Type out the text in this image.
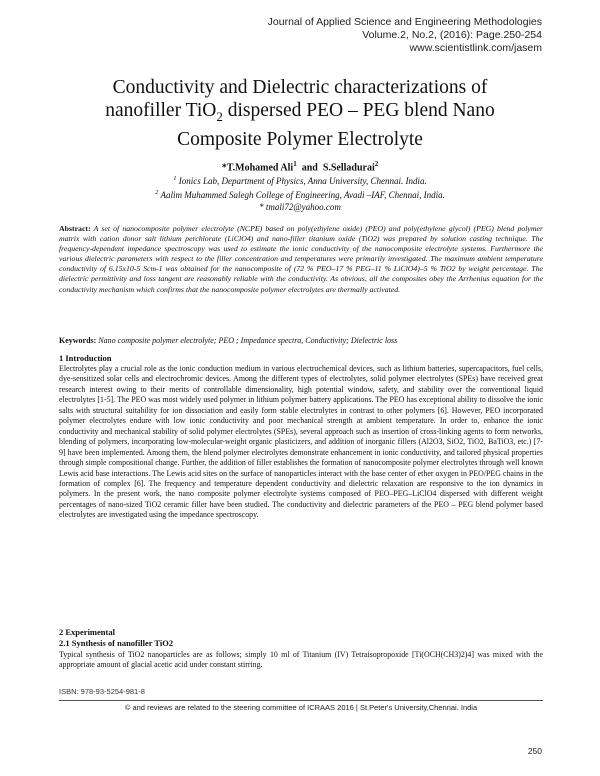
Journal of Applied Science and Engineering Methodologies
Volume.2, No.2, (2016): Page.250-254
www.scientistlink.com/jasem
Conductivity and Dielectric characterizations of
nanofiller TiO$_2$ dispersed PEO – PEG blend Nano
Composite Polymer Electrolyte
*T.Mohamed Ali$^1$ and S.Selladurai$^2$
$^1$ Ionics Lab, Department of Physics, Anna University, Chennai. India.
$^2$ Aalim Muhammed Salegh College of Engineering, Avadi –IAF, Chennai, India.
* tmali72@yahoo.com
Abstract: A set of nanocomposite polymer electrolyte (NCPE) based on poly(ethylene oxide) (PEO) and poly(ethylene glycol) (PEG) blend polymer matrix with cation donor salt lithium perchlorate (LiClO4) and nano-filler titanium oxide (TiO2) was prepared by solution casting technique. The frequency-dependent impedance spectroscopy was used to estimate the ionic conductivity of the nanocomposite electrolyte systems. Furthermore the various dielectric parameters with respect to the filler concentration and temperatures were primarily investigated. The maximum ambient temperature conductivity of 6.15x10-5 Scm-1 was obtained for the nanocomposite of (72 % PEO–17 % PEG–11 % LiClO4)–5 % TiO2 by weight percentage. The dielectric permittivity and loss tangent are reasonably reliable with the conductivity. As obvious, all the composites obey the Arrhenius equation for the conductivity mechanism which confirms that the nanocomposite polymer electrolytes are thermally activated.
Keywords: Nano composite polymer electrolyte; PEO ; Impedance spectra, Conductivity; Dielectric loss
1 Introduction
Electrolytes play a crucial role as the ionic conduction medium in various electrochemical devices, such as lithium batteries, supercapacitors, fuel cells, dye-sensitized solar cells and electrochromic devices. Among the different types of electrolytes, solid polymer electrolytes (SPEs) have received great research interest owing to their merits of controllable dimensionality, high potential window, safety, and stability over the conventional liquid electrolytes [1-5]. The PEO was most widely used polymer in lithium polymer battery applications. The PEO has exceptional ability to dissolve the ionic salts with structural suitability for ion dissociation and easily form stable electrolytes in contrast to other polymers [6]. However, PEO incorporated polymer electrolytes endure with low ionic conductivity and poor mechanical strength at ambient temperature. In order to, enhance the ionic conductivity and mechanical stability of solid polymer electrolytes (SPEs), several approach such as insertion of cross-linking agents to form networks, blending of polymers, incorporating low-molecular-weight organic plasticizers, and addition of inorganic fillers (Al2O3, SiO2, TiO2, BaTiO3, etc.) [7- 9] have been implemented. Among them, the blend polymer electrolytes demonstrate enhancement in ionic conductivity, and tailored physical properties through simple compositional change. Further, the addition of filler establishes the formation of nanocomposite polymer electrolytes through well known Lewis acid base interactions. The Lewis acid sites on the surface of nanoparticles interact with the base center of ether oxygen in PEO/PEG chains in the formation of complex [6]. The frequency and temperature dependent conductivity and dielectric relaxation are responsive to the ion dynamics in polymers. In the present work, the nano composite polymer electrolyte systems composed of PEO–PEG–LiClO4 dispersed with different weight percentages of nano-sized TiO2 ceramic filler have been studied. The conductivity and dielectric parameters of the PEO – PEG blend polymer based electrolytes are investigated using the impedance spectroscopy.
2 Experimental
2.1 Synthesis of nanofiller TiO2
Typical synthesis of TiO2 nanoparticles are as follows; simply 10 ml of Titanium (IV) Tetraisopropoxide [Ti(OCH(CH3)2)4] was mixed with the appropriate amount of glacial acetic acid under constant stirring.
ISBN: 978-93-5254-981-8
© and reviews are related to the steering committee of ICRAAS 2016 | St.Peter's University,Chennai. India
250
